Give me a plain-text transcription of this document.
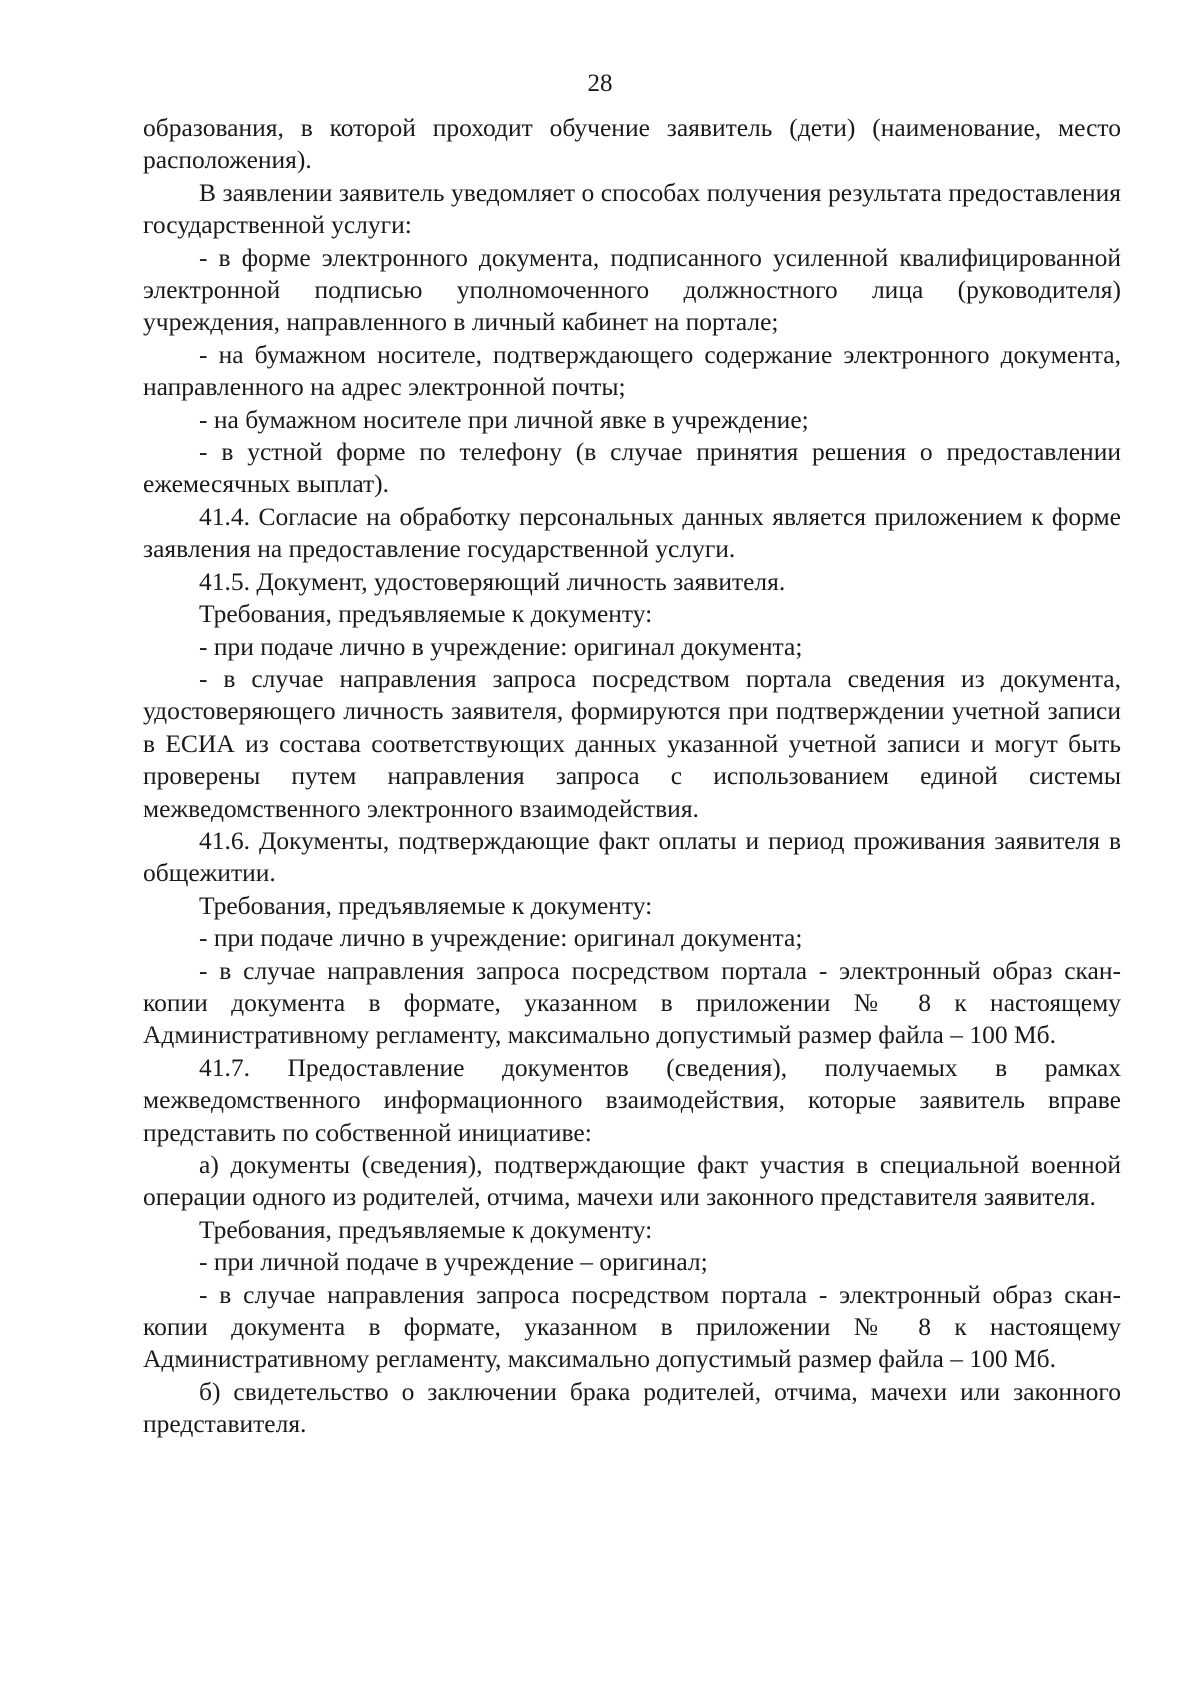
28

образования, в которой проходит обучение заявитель (дети) (наименование, место расположения).

В заявлении заявитель уведомляет о способах получения результата предоставления государственной услуги:

- в форме электронного документа, подписанного усиленной квалифицированной электронной подписью уполномоченного должностного лица (руководителя) учреждения, направленного в личный кабинет на портале;

- на бумажном носителе, подтверждающего содержание электронного документа, направленного на адрес электронной почты;

- на бумажном носителе при личной явке в учреждение;

- в устной форме по телефону (в случае принятия решения о предоставлении ежемесячных выплат).

41.4. Согласие на обработку персональных данных является приложением к форме заявления на предоставление государственной услуги.

41.5. Документ, удостоверяющий личность заявителя.

Требования, предъявляемые к документу:

- при подаче лично в учреждение: оригинал документа;

- в случае направления запроса посредством портала сведения из документа, удостоверяющего личность заявителя, формируются при подтверждении учетной записи в ЕСИА из состава соответствующих данных указанной учетной записи и могут быть проверены путем направления запроса с использованием единой системы межведомственного электронного взаимодействия.

41.6. Документы, подтверждающие факт оплаты и период проживания заявителя в общежитии.

Требования, предъявляемые к документу:

- при подаче лично в учреждение: оригинал документа;

- в случае направления запроса посредством портала - электронный образ скан-копии документа в формате, указанном в приложении № 8 к настоящему Административному регламенту, максимально допустимый размер файла – 100 Мб.

41.7. Предоставление документов (сведения), получаемых в рамках межведомственного информационного взаимодействия, которые заявитель вправе представить по собственной инициативе:

а) документы (сведения), подтверждающие факт участия в специальной военной операции одного из родителей, отчима, мачехи или законного представителя заявителя.

Требования, предъявляемые к документу:

- при личной подаче в учреждение – оригинал;

- в случае направления запроса посредством портала - электронный образ скан-копии документа в формате, указанном в приложении № 8 к настоящему Административному регламенту, максимально допустимый размер файла – 100 Мб.

б) свидетельство о заключении брака родителей, отчима, мачехи или законного представителя.
